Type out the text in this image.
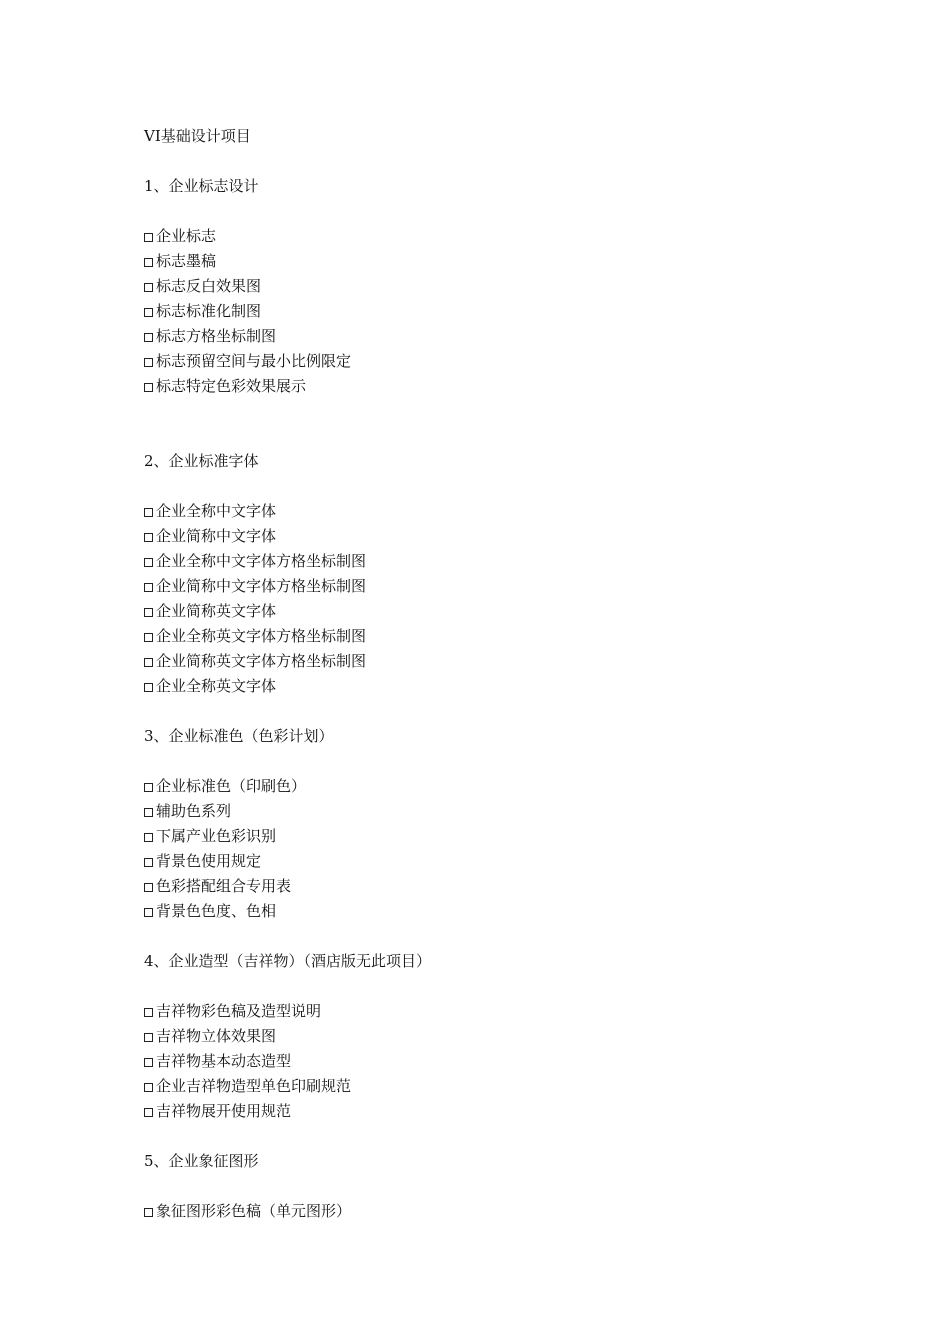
VI基础设计项目
1、企业标志设计
企业标志
标志墨稿
标志反白效果图
标志标准化制图
标志方格坐标制图
标志预留空间与最小比例限定
标志特定色彩效果展示
2、企业标准字体
企业全称中文字体
企业简称中文字体
企业全称中文字体方格坐标制图
企业简称中文字体方格坐标制图
企业简称英文字体
企业全称英文字体方格坐标制图
企业简称英文字体方格坐标制图
企业全称英文字体
3、企业标准色（色彩计划）
企业标准色（印刷色）
辅助色系列
下属产业色彩识别
背景色使用规定
色彩搭配组合专用表
背景色色度、色相
4、企业造型（吉祥物）（酒店版无此项目）
吉祥物彩色稿及造型说明
吉祥物立体效果图
吉祥物基本动态造型
企业吉祥物造型单色印刷规范
吉祥物展开使用规范
5、企业象征图形
象征图形彩色稿（单元图形）
